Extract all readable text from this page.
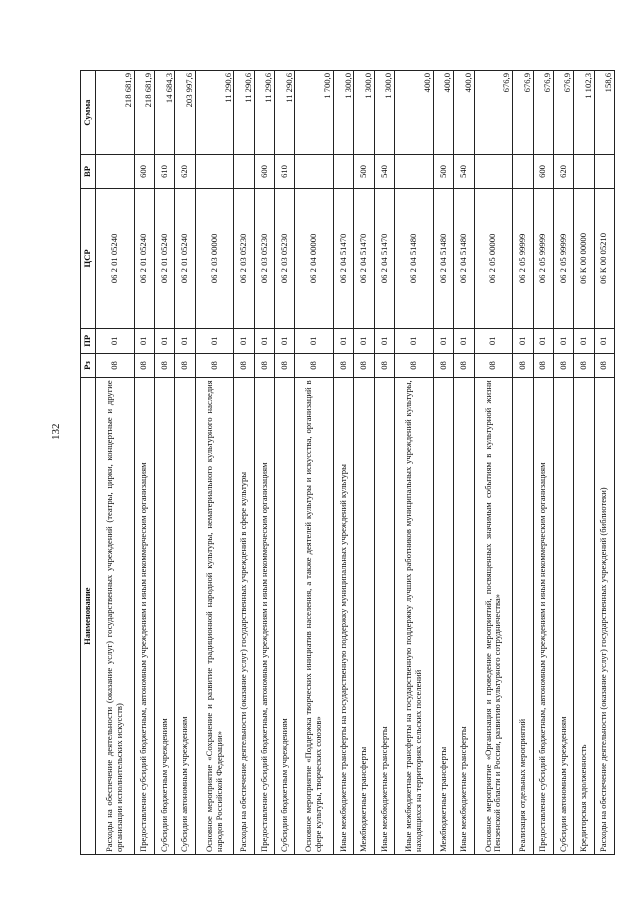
132
Наименование	Рз	ПР	ЦСР	ВР	Сумма
Расходы на обеспечение деятельности (оказание услуг) государственных учреждений (театры, цирки, концертные и другие организации исполнительских искусств)	08	01	06 2 01 05240		218 681,9
Предоставление субсидий бюджетным, автономным учреждениям и иным некоммерческим организациям	08	01	06 2 01 05240	600	218 681,9
Субсидии бюджетным учреждениям	08	01	06 2 01 05240	610	14 684,3
Субсидии автономным учреждениям	08	01	06 2 01 05240	620	203 997,6
Основное мероприятие «Сохранение и развитие традиционной народной культуры, нематериального культурного наследия народов Российской Федерации»	08	01	06 2 03 00000		11 290,6
Расходы на обеспечение деятельности (оказание услуг) государственных учреждений в сфере культуры	08	01	06 2 03 05230		11 290,6
Предоставление субсидий бюджетным, автономным учреждениям и иным некоммерческим организациям	08	01	06 2 03 05230	600	11 290,6
Субсидии бюджетным учреждениям	08	01	06 2 03 05230	610	11 290,6
Основное мероприятие «Поддержка творческих инициатив населения, а также деятелей культуры и искусства, организаций в сфере культуры, творческих союзов»	08	01	06 2 04 00000		1 700,0
Иные межбюджетные трансферты на государственную поддержку муниципальных учреждений культуры	08	01	06 2 04 51470		1 300,0
Межбюджетные трансферты	08	01	06 2 04 51470	500	1 300,0
Иные межбюджетные трансферты	08	01	06 2 04 51470	540	1 300,0
Иные межбюджетные трансферты на государственную поддержку лучших работников муниципальных учреждений культуры, находящихся на территориях сельских поселений	08	01	06 2 04 51480		400,0
Межбюджетные трансферты	08	01	06 2 04 51480	500	400,0
Иные межбюджетные трансферты	08	01	06 2 04 51480	540	400,0
Основное мероприятие «Организация и проведение мероприятий, посвященных значимым событиям в культурной жизни Пензенской области и России, развитию культурного сотрудничества»	08	01	06 2 05 00000		676,9
Реализация отдельных мероприятий	08	01	06 2 05 99999		676,9
Предоставление субсидий бюджетным, автономным учреждениям и иным некоммерческим организациям	08	01	06 2 05 99999	600	676,9
Субсидии автономным учреждениям	08	01	06 2 05 99999	620	676,9
Кредиторская задолженность	08	01	06 К 00 00000		1 102,3
Расходы на обеспечение деятельности (оказание услуг) государственных учреждений (библиотеки)	08	01	06 К 00 05210		158,6
